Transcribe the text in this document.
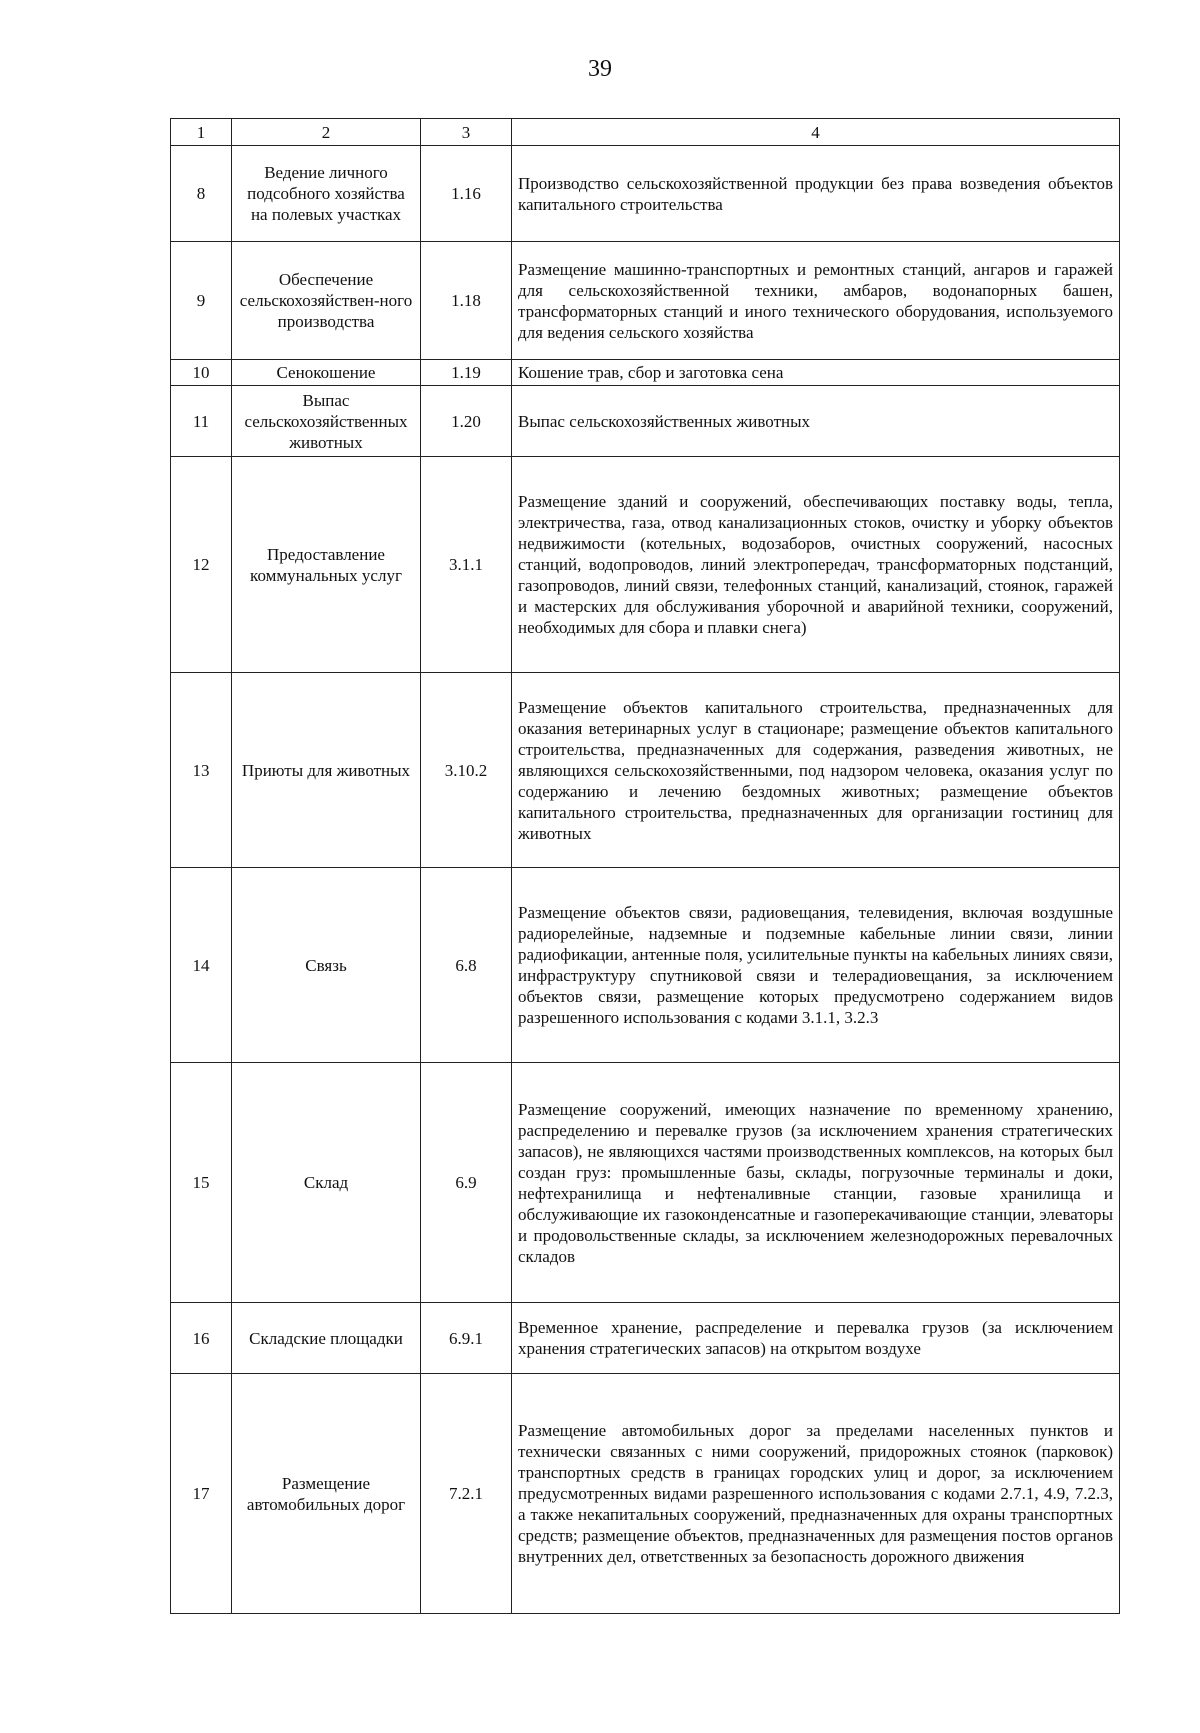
39
1	2	3	4
8	Ведение личного подсобного хозяйства на полевых участках	1.16	Производство сельскохозяйственной продукции без права возведения объектов капитального строительства
9	Обеспечение сельскохозяйствен-ного производства	1.18	Размещение машинно-транспортных и ремонтных станций, ангаров и гаражей для сельскохозяйственной техники, амбаров, водонапорных башен, трансформаторных станций и иного технического оборудования, используемого для ведения сельского хозяйства
10	Сенокошение	1.19	Кошение трав, сбор и заготовка сена
11	Выпас сельскохозяйственных животных	1.20	Выпас сельскохозяйственных животных
12	Предоставление коммунальных услуг	3.1.1	Размещение зданий и сооружений, обеспечивающих поставку воды, тепла, электричества, газа, отвод канализационных стоков, очистку и уборку объектов недвижимости (котельных, водозаборов, очистных сооружений, насосных станций, водопроводов, линий электропередач, трансформаторных подстанций, газопроводов, линий связи, телефонных станций, канализаций, стоянок, гаражей и мастерских для обслуживания уборочной и аварийной техники, сооружений, необходимых для сбора и плавки снега)
13	Приюты для животных	3.10.2	Размещение объектов капитального строительства, предназначенных для оказания ветеринарных услуг в стационаре; размещение объектов капитального строительства, предназначенных для содержания, разведения животных, не являющихся сельскохозяйственными, под надзором человека, оказания услуг по содержанию и лечению бездомных животных; размещение объектов капитального строительства, предназначенных для организации гостиниц для животных
14	Связь	6.8	Размещение объектов связи, радиовещания, телевидения, включая воздушные радиорелейные, надземные и подземные кабельные линии связи, линии радиофикации, антенные поля, усилительные пункты на кабельных линиях связи, инфраструктуру спутниковой связи и телерадиовещания, за исключением объектов связи, размещение которых предусмотрено содержанием видов разрешенного использования с кодами 3.1.1, 3.2.3
15	Склад	6.9	Размещение сооружений, имеющих назначение по временному хранению, распределению и перевалке грузов (за исключением хранения стратегических запасов), не являющихся частями производственных комплексов, на которых был создан груз: промышленные базы, склады, погрузочные терминалы и доки, нефтехранилища и нефтеналивные станции, газовые хранилища и обслуживающие их газоконденсатные и газоперекачивающие станции, элеваторы и продовольственные склады, за исключением железнодорожных перевалочных складов
16	Складские площадки	6.9.1	Временное хранение, распределение и перевалка грузов (за исключением хранения стратегических запасов) на открытом воздухе
17	Размещение автомобильных дорог	7.2.1	Размещение автомобильных дорог за пределами населенных пунктов и технически связанных с ними сооружений, придорожных стоянок (парковок) транспортных средств в границах городских улиц и дорог, за исключением предусмотренных видами разрешенного использования с кодами 2.7.1, 4.9, 7.2.3, а также некапитальных сооружений, предназначенных для охраны транспортных средств; размещение объектов, предназначенных для размещения постов органов внутренних дел, ответственных за безопасность дорожного движения
